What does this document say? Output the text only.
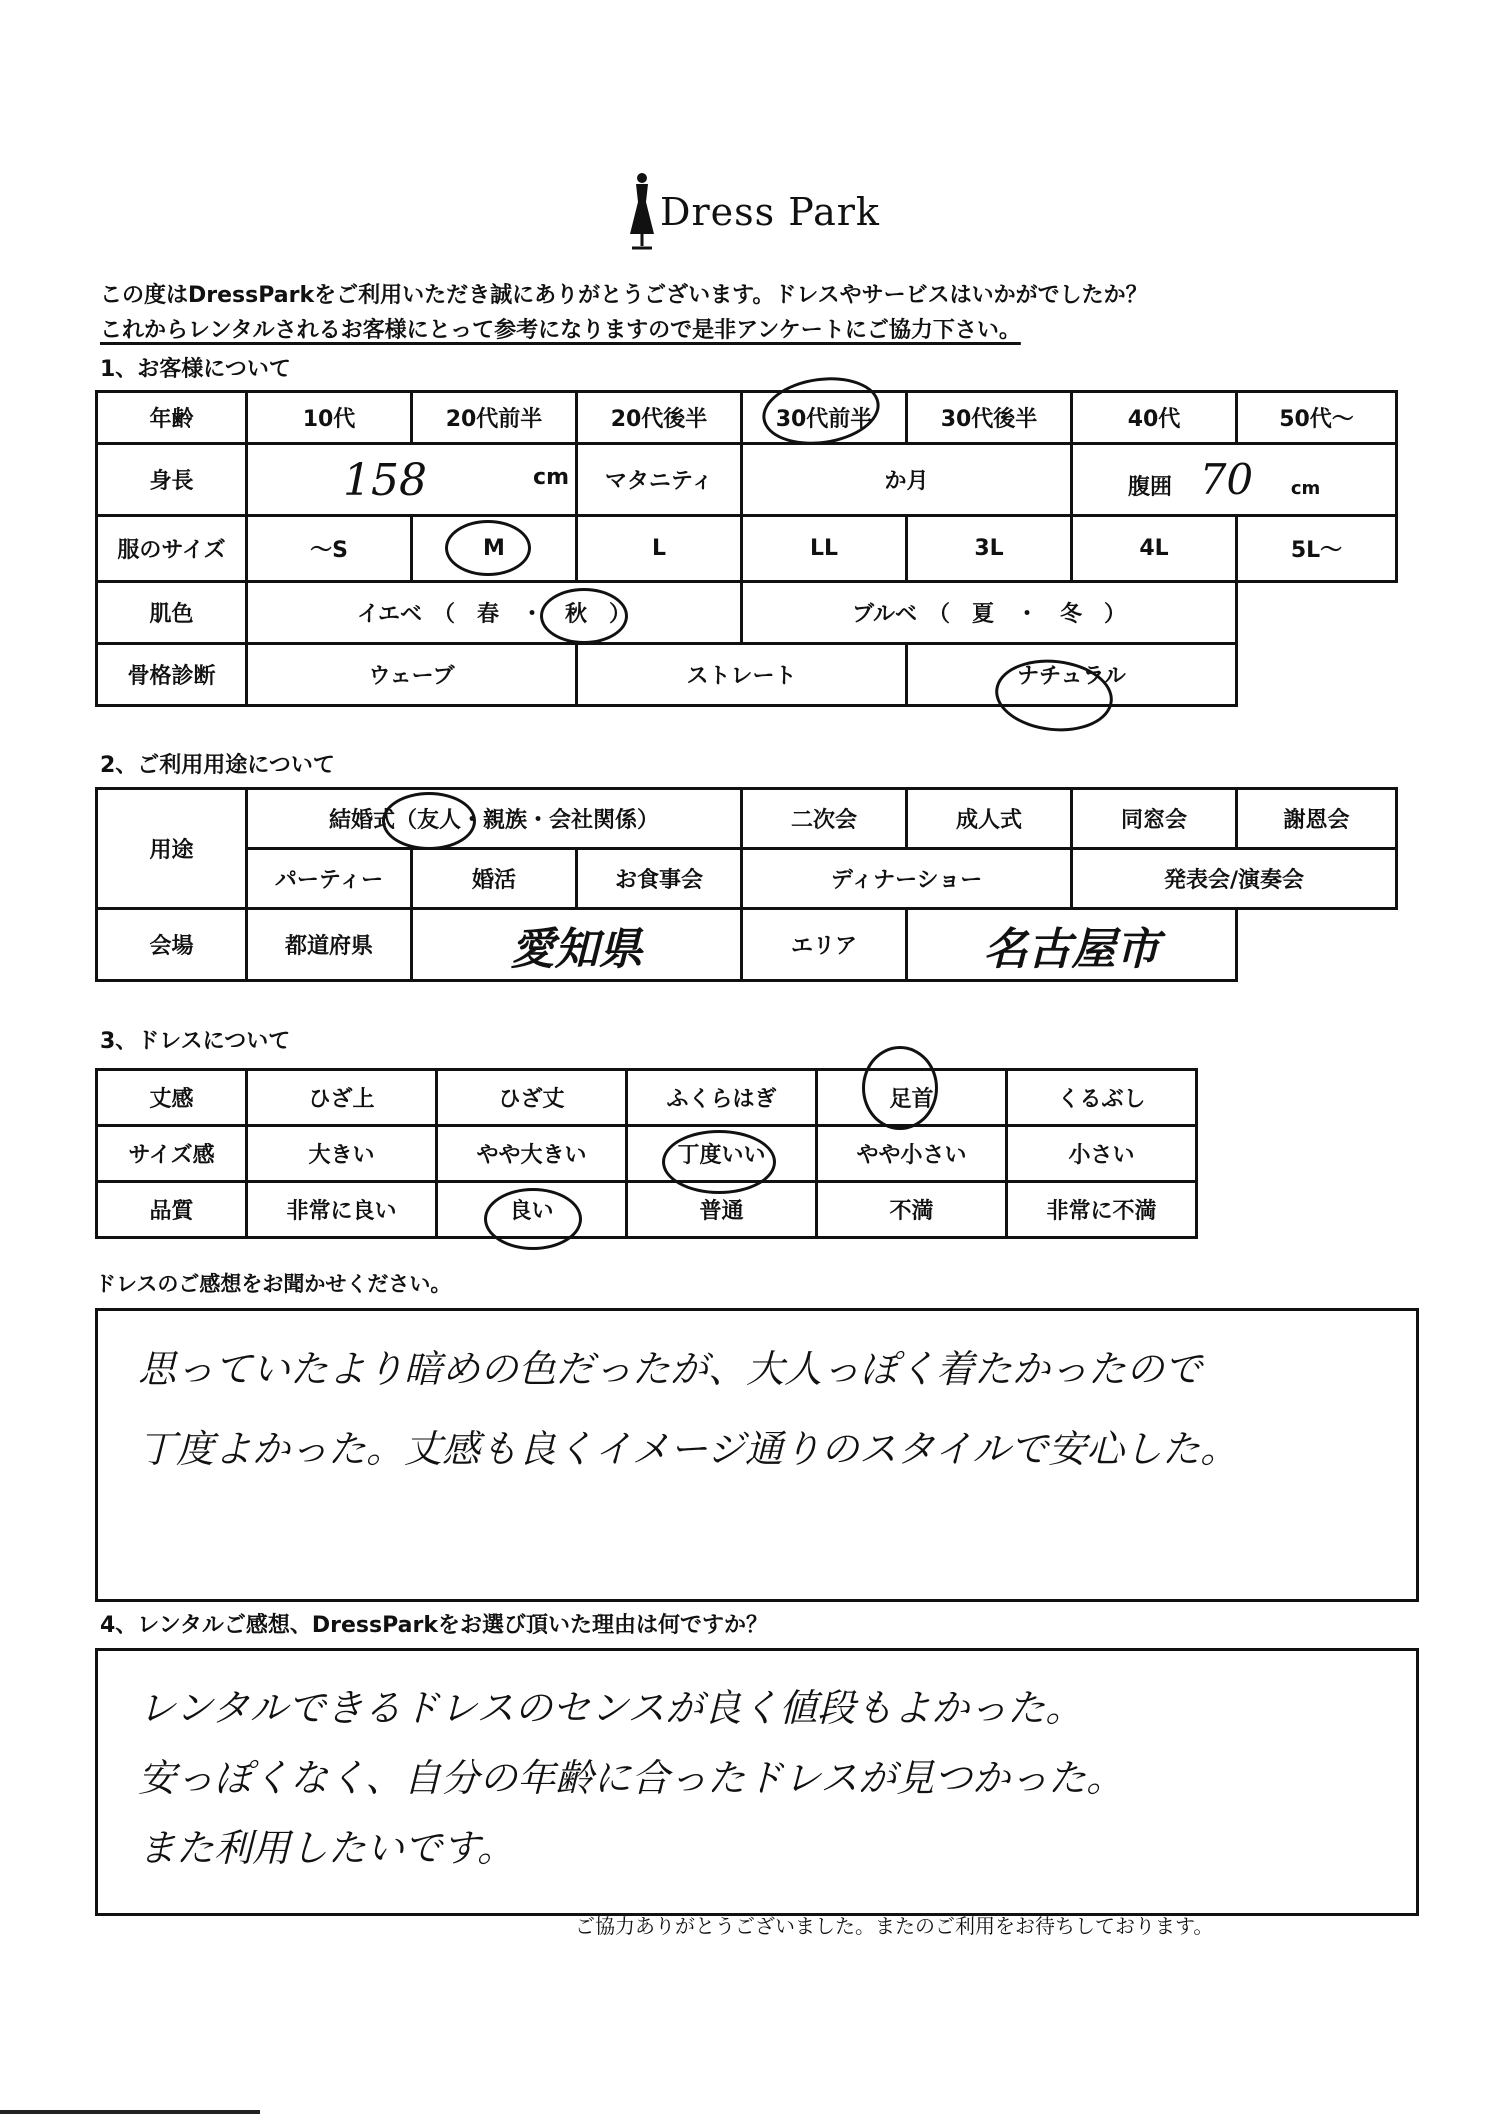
Dress Park
この度はDressParkをご利用いただき誠にありがとうございます。ドレスやサービスはいかがでしたか？
これからレンタルされるお客様にとって参考になりますので是非アンケートにご協力下さい。
1、お客様について
年齢	10代	20代前半	20代後半	30代前半	30代後半	40代	50代～
身長	158 cm		マタニティ	か月		腹囲 70 cm	
服のサイズ	～S	M	L	LL	3L	4L	5L～
肌色	イエベ　（　春　・　秋　）			ブルベ　（　夏　・　冬　）			
骨格診断	ウェーブ		ストレート		ナチュラル		
2、ご利用用途について
用途	結婚式（友人・親族・会社関係）			二次会	成人式	同窓会	謝恩会
	パーティー	婚活	お食事会	ディナーショー		発表会/演奏会	
会場	都道府県	愛知県		エリア	名古屋市		
3、ドレスについて
丈感	ひざ上	ひざ丈	ふくらはぎ	足首	くるぶし
サイズ感	大きい	やや大きい	丁度いい	やや小さい	小さい
品質	非常に良い	良い	普通	不満	非常に不満
ドレスのご感想をお聞かせください。
思っていたより暗めの色だったが、大人っぽく着たかったので
丁度よかった。丈感も良くイメージ通りのスタイルで安心した。
4、レンタルご感想、DressParkをお選び頂いた理由は何ですか？
レンタルできるドレスのセンスが良く値段もよかった。
安っぽくなく、自分の年齢に合ったドレスが見つかった。
また利用したいです。
ご協力ありがとうございました。またのご利用をお待ちしております。
